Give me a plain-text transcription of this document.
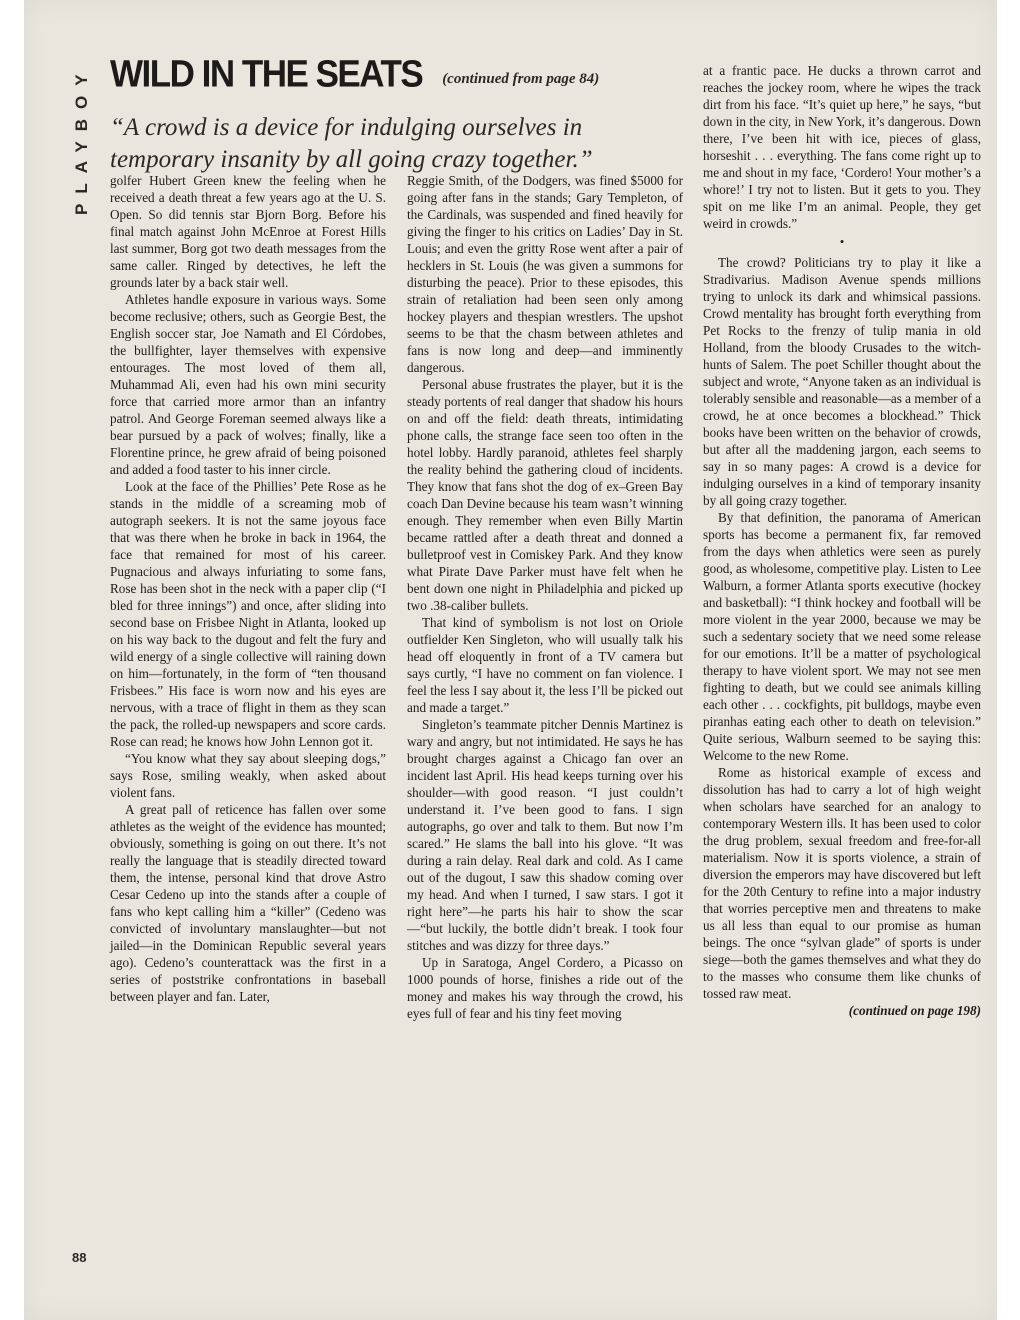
PLAYBOY
88
WILD IN THE SEATS (continued from page 84)

“A crowd is a device for indulging ourselves in temporary insanity by all going crazy together.”

golfer Hubert Green knew the feeling when he received a death threat a few years ago at the U. S. Open. So did tennis star Bjorn Borg. Before his final match against John McEnroe at Forest Hills last summer, Borg got two death messages from the same caller. Ringed by detectives, he left the grounds later by a back stair well.

Athletes handle exposure in various ways. Some become reclusive; others, such as Georgie Best, the English soccer star, Joe Namath and El Córdobes, the bullfighter, layer themselves with expensive entourages. The most loved of them all, Muhammad Ali, even had his own mini security force that carried more armor than an infantry patrol. And George Foreman seemed always like a bear pursued by a pack of wolves; finally, like a Florentine prince, he grew afraid of being poisoned and added a food taster to his inner circle.

Look at the face of the Phillies’ Pete Rose as he stands in the middle of a screaming mob of autograph seekers. It is not the same joyous face that was there when he broke in back in 1964, the face that remained for most of his career. Pugnacious and always infuriating to some fans, Rose has been shot in the neck with a paper clip (“I bled for three innings”) and once, after sliding into second base on Frisbee Night in Atlanta, looked up on his way back to the dugout and felt the fury and wild energy of a single collective will raining down on him—fortunately, in the form of “ten thousand Frisbees.” His face is worn now and his eyes are nervous, with a trace of flight in them as they scan the pack, the rolled-up newspapers and score cards. Rose can read; he knows how John Lennon got it.

“You know what they say about sleeping dogs,” says Rose, smiling weakly, when asked about violent fans.

A great pall of reticence has fallen over some athletes as the weight of the evidence has mounted; obviously, something is going on out there. It’s not really the language that is steadily directed toward them, the intense, personal kind that drove Astro Cesar Cedeno up into the stands after a couple of fans who kept calling him a “killer” (Cedeno was convicted of involuntary manslaughter—but not jailed—in the Dominican Republic several years ago). Cedeno’s counterattack was the first in a series of poststrike confrontations in baseball between player and fan. Later,

Reggie Smith, of the Dodgers, was fined $5000 for going after fans in the stands; Gary Templeton, of the Cardinals, was suspended and fined heavily for giving the finger to his critics on Ladies’ Day in St. Louis; and even the gritty Rose went after a pair of hecklers in St. Louis (he was given a summons for disturbing the peace). Prior to these episodes, this strain of retaliation had been seen only among hockey players and thespian wrestlers. The upshot seems to be that the chasm between athletes and fans is now long and deep—and imminently dangerous.

Personal abuse frustrates the player, but it is the steady portents of real danger that shadow his hours on and off the field: death threats, intimidating phone calls, the strange face seen too often in the hotel lobby. Hardly paranoid, athletes feel sharply the reality behind the gathering cloud of incidents. They know that fans shot the dog of ex–Green Bay coach Dan Devine because his team wasn’t winning enough. They remember when even Billy Martin became rattled after a death threat and donned a bulletproof vest in Comiskey Park. And they know what Pirate Dave Parker must have felt when he bent down one night in Philadelphia and picked up two .38-caliber bullets.

That kind of symbolism is not lost on Oriole outfielder Ken Singleton, who will usually talk his head off eloquently in front of a TV camera but says curtly, “I have no comment on fan violence. I feel the less I say about it, the less I’ll be picked out and made a target.”

Singleton’s teammate pitcher Dennis Martinez is wary and angry, but not intimidated. He says he has brought charges against a Chicago fan over an incident last April. His head keeps turning over his shoulder—with good reason. “I just couldn’t understand it. I’ve been good to fans. I sign autographs, go over and talk to them. But now I’m scared.” He slams the ball into his glove. “It was during a rain delay. Real dark and cold. As I came out of the dugout, I saw this shadow coming over my head. And when I turned, I saw stars. I got it right here”—he parts his hair to show the scar—“but luckily, the bottle didn’t break. I took four stitches and was dizzy for three days.”

Up in Saratoga, Angel Cordero, a Picasso on 1000 pounds of horse, finishes a ride out of the money and makes his way through the crowd, his eyes full of fear and his tiny feet moving

at a frantic pace. He ducks a thrown carrot and reaches the jockey room, where he wipes the track dirt from his face. “It’s quiet up here,” he says, “but down in the city, in New York, it’s dangerous. Down there, I’ve been hit with ice, pieces of glass, horseshit . . . everything. The fans come right up to me and shout in my face, ‘Cordero! Your mother’s a whore!’ I try not to listen. But it gets to you. They spit on me like I’m an animal. People, they get weird in crowds.”

•

The crowd? Politicians try to play it like a Stradivarius. Madison Avenue spends millions trying to unlock its dark and whimsical passions. Crowd mentality has brought forth everything from Pet Rocks to the frenzy of tulip mania in old Holland, from the bloody Crusades to the witch-hunts of Salem. The poet Schiller thought about the subject and wrote, “Anyone taken as an individual is tolerably sensible and reasonable—as a member of a crowd, he at once becomes a blockhead.” Thick books have been written on the behavior of crowds, but after all the maddening jargon, each seems to say in so many pages: A crowd is a device for indulging ourselves in a kind of temporary insanity by all going crazy together.

By that definition, the panorama of American sports has become a permanent fix, far removed from the days when athletics were seen as purely good, as wholesome, competitive play. Listen to Lee Walburn, a former Atlanta sports executive (hockey and basketball): “I think hockey and football will be more violent in the year 2000, because we may be such a sedentary society that we need some release for our emotions. It’ll be a matter of psychological therapy to have violent sport. We may not see men fighting to death, but we could see animals killing each other . . . cockfights, pit bulldogs, maybe even piranhas eating each other to death on television.” Quite serious, Walburn seemed to be saying this: Welcome to the new Rome.

Rome as historical example of excess and dissolution has had to carry a lot of high weight when scholars have searched for an analogy to contemporary Western ills. It has been used to color the drug problem, sexual freedom and free-for-all materialism. Now it is sports violence, a strain of diversion the emperors may have discovered but left for the 20th Century to refine into a major industry that worries perceptive men and threatens to make us all less than equal to our promise as human beings. The once “sylvan glade” of sports is under siege—both the games themselves and what they do to the masses who consume them like chunks of tossed raw meat.

(continued on page 198)
